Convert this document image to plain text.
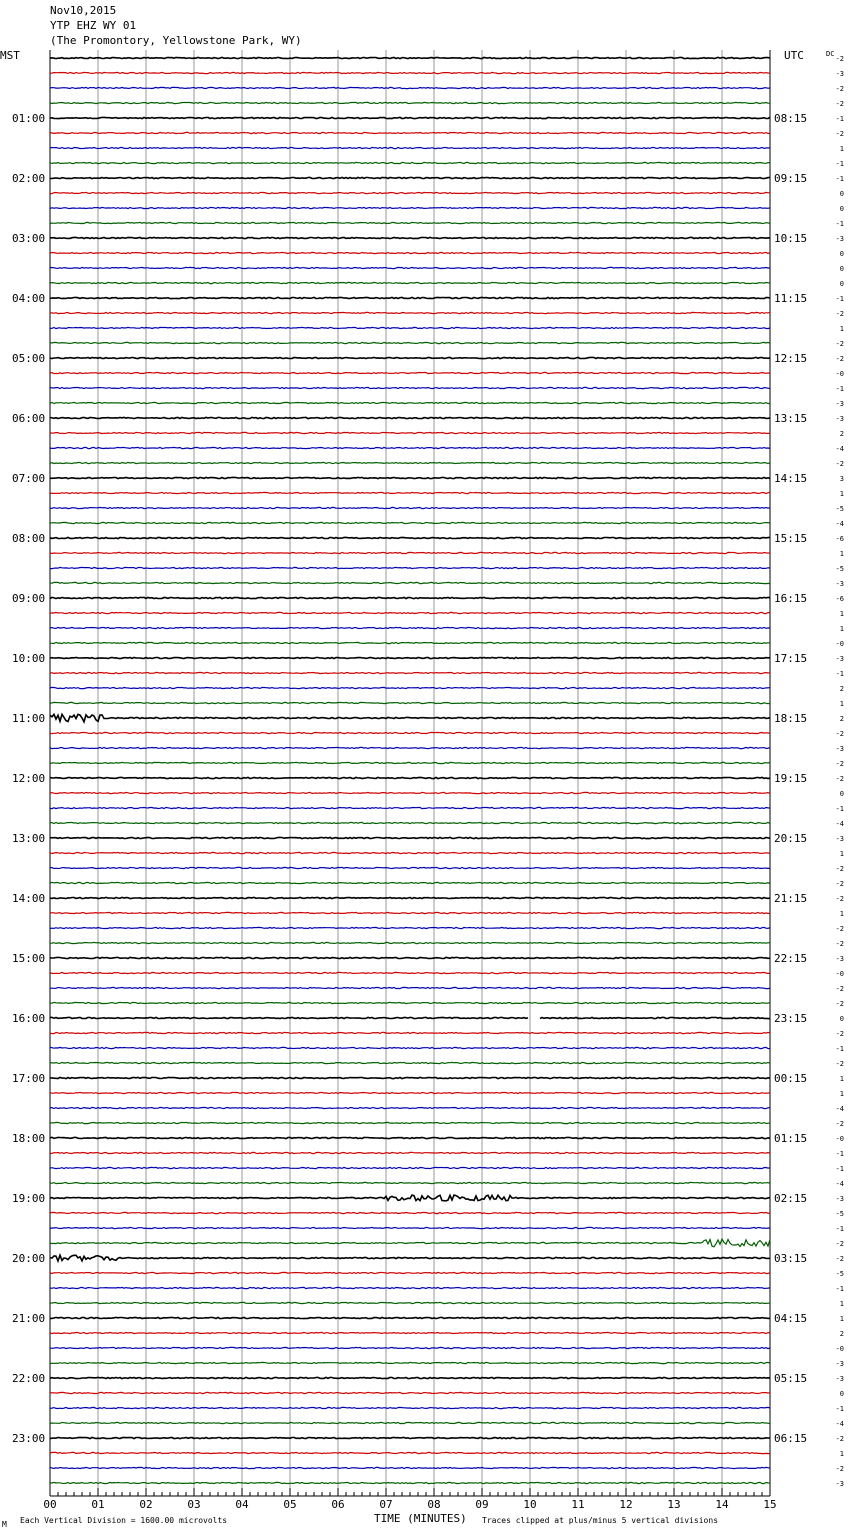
Nov10,2015
YTP EHZ WY 01
(The Promontory, Yellowstone Park, WY)
MST	UTC
01:00
02:00
03:00
04:00
05:00
06:00
07:00
08:00
09:00
10:00
11:00
12:00
13:00
14:00
15:00
16:00
17:00
18:00
19:00
20:00
21:00
22:00
23:00
08:15
09:15
10:15
11:15
12:15
13:15
14:15
15:15
16:15
17:15
18:15
19:15
20:15
21:15
22:15
23:15
00:15
01:15
02:15
03:15
04:15
05:15
06:15
-2
-3
-2
-2
-1
-2
1
-1
-1
0
0
-1
-3
0
0
0
-1
-2
1
-2
-2
-0
-1
-3
-3
2
-4
-2
3
1
-5
-4
-6
1
-5
-3
-6
1
1
-0
-3
-1
2
1
2
-2
-3
-2
-2
0
-1
-4
-3
1
-2
-2
-2
1
-2
-2
-3
-0
-2
-2
0
-2
-1
-2
1
1
-4
-2
-0
-1
-1
-4
-3
-5
-1
-2
-2
-5
-1
1
1
2
-0
-3
-3
0
-1
-4
-2
1
-2
-3
00	01	02	03	04	05	06	07	08	09	10	11	12	13	14	15
DC
M Each Vertical Division = 1600.00 microvolts	TIME (MINUTES) Traces clipped at plus/minus 5 vertical divisions
